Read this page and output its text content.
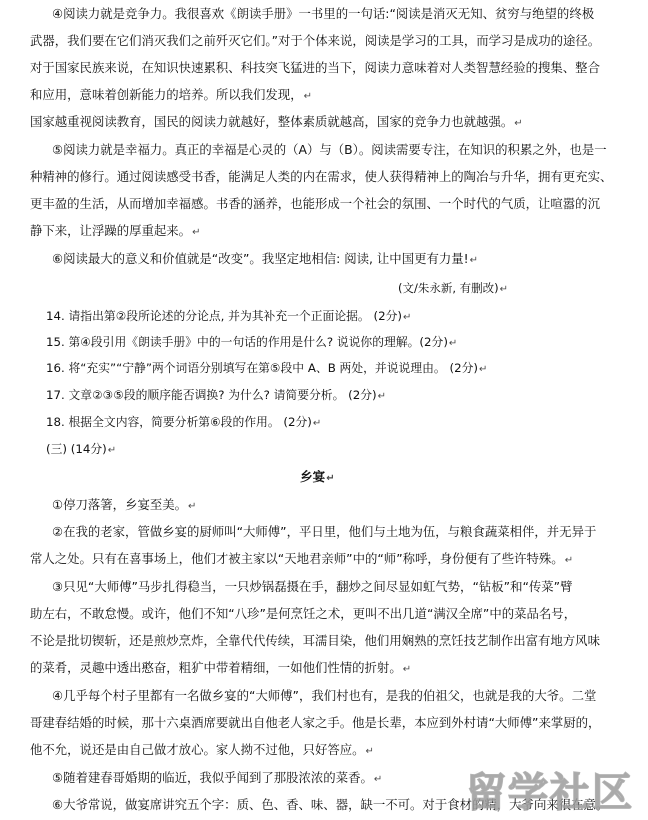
④阅读力就是竞争力。我很喜欢《朗读手册》一书里的一句话:“阅读是消灭无知、贫穷与绝望的终极
武器，我们要在它们消灭我们之前歼灭它们。”对于个体来说，阅读是学习的工具，而学习是成功的途径。
对于国家民族来说，在知识快速累积、科技突飞猛进的当下，阅读力意味着对人类智慧经验的搜集、整合
和应用，意味着创新能力的培养。所以我们发现，↵
国家越重视阅读教育，国民的阅读力就越好，整体素质就越高，国家的竞争力也就越强。↵
⑤阅读力就是幸福力。真正的幸福是心灵的（A）与（B）。阅读需要专注，在知识的积累之外，也是一
种精神的修行。通过阅读感受书香，能满足人类的内在需求，使人获得精神上的陶冶与升华，拥有更充实、
更丰盈的生活，从而增加幸福感。书香的涵养，也能形成一个社会的氛围、一个时代的气质，让喧嚣的沉
静下来，让浮躁的厚重起来。↵
⑥阅读最大的意义和价值就是“改变”。我坚定地相信: 阅读, 让中国更有力量!↵
(文/朱永新, 有删改)↵
14. 请指出第②段所论述的分论点, 并为其补充一个正面论据。 (2分)↵
15. 第④段引用《朗读手册》中的一句话的作用是什么? 说说你的理解。(2分)↵
16. 将“充实”“宁静”两个词语分别填写在第⑤段中 A、B 两处，并说说理由。 (2分)↵
17. 文章②③⑤段的顺序能否调换? 为什么? 请简要分析。 (2分)↵
18. 根据全文内容，简要分析第⑥段的作用。 (2分)↵
(三) (14分)↵
乡宴↵
①停刀落箸，乡宴至美。↵
②在我的老家，管做乡宴的厨师叫“大师傅”，平日里，他们与土地为伍，与粮食蔬菜相伴，并无异于
常人之处。只有在喜事场上，他们才被主家以“天地君亲师”中的“师”称呼，身份便有了些许特殊。↵
③只见“大师傅”马步扎得稳当，一只炒锅磊摄在手，翻炒之间尽显如虹气势，“钻板”和“传菜”臂
助左右，不敢怠慢。或许，他们不知“八珍”是何烹饪之术，更叫不出几道“满汉全席”中的菜品名号，
不论是批切锲斩，还是煎炒烹炸，全靠代代传续，耳濡目染，他们用娴熟的烹饪技艺制作出富有地方风味
的菜肴，灵趣中透出憨奋，粗犷中带着精细，一如他们性情的折射。↵
④几乎每个村子里都有一名做乡宴的“大师傅”，我们村也有，是我的伯祖父，也就是我的大爷。二堂
哥建春结婚的时候，那十六桌酒席要就出自他老人家之手。他是长辈，本应到外村请“大师傅”来掌厨的，
他不允，说还是由自己做才放心。家人拗不过他，只好答应。↵
⑤随着建春哥婚期的临近，我似乎闻到了那股浓浓的菜香。↵
⑥大爷常说，做宴席讲究五个字：质、色、香、味、器，缺一不可。对于食材的精，大爷向来很在意。
留学社区
